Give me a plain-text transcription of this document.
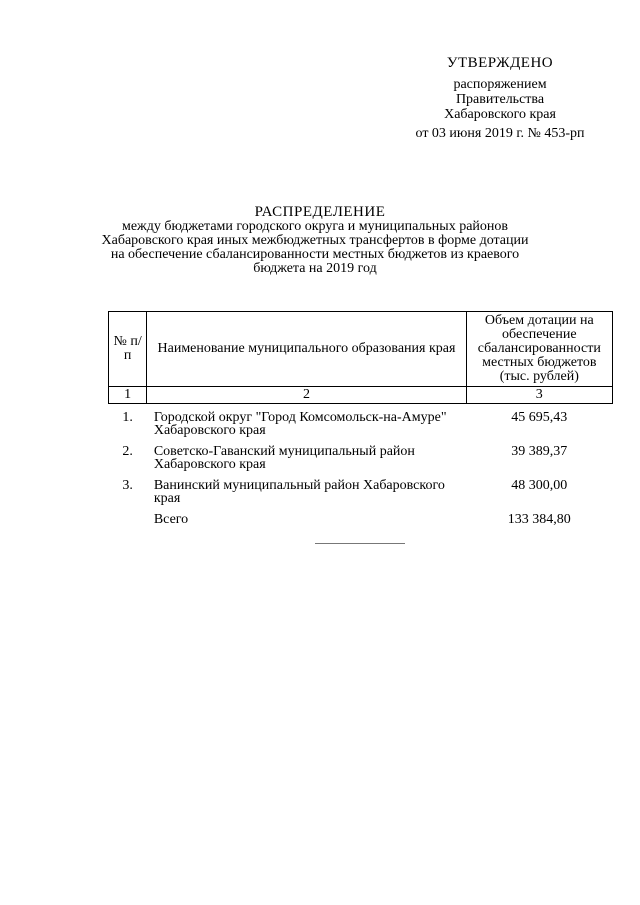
УТВЕРЖДЕНО
распоряжением
Правительства
Хабаровского края
от 03 июня 2019 г. № 453-рп
РАСПРЕДЕЛЕНИЕ
между бюджетами городского округа и муниципальных районов Хабаровского края иных межбюджетных трансфертов в форме дотации на обеспечение сбалансированности местных бюджетов из краевого бюджета на 2019 год
№ п/п	Наименование муниципального образования края	Объем дотации на обеспечение сбалансированности местных бюджетов (тыс. рублей)
1	2	3
1.	Городской округ "Город Комсомольск-на-Амуре" Хабаровского края	45 695,43
2.	Советско-Гаванский муниципальный район Хабаровского края	39 389,37
3.	Ванинский муниципальный район Хабаровского края	48 300,00
	Всего	133 384,80
